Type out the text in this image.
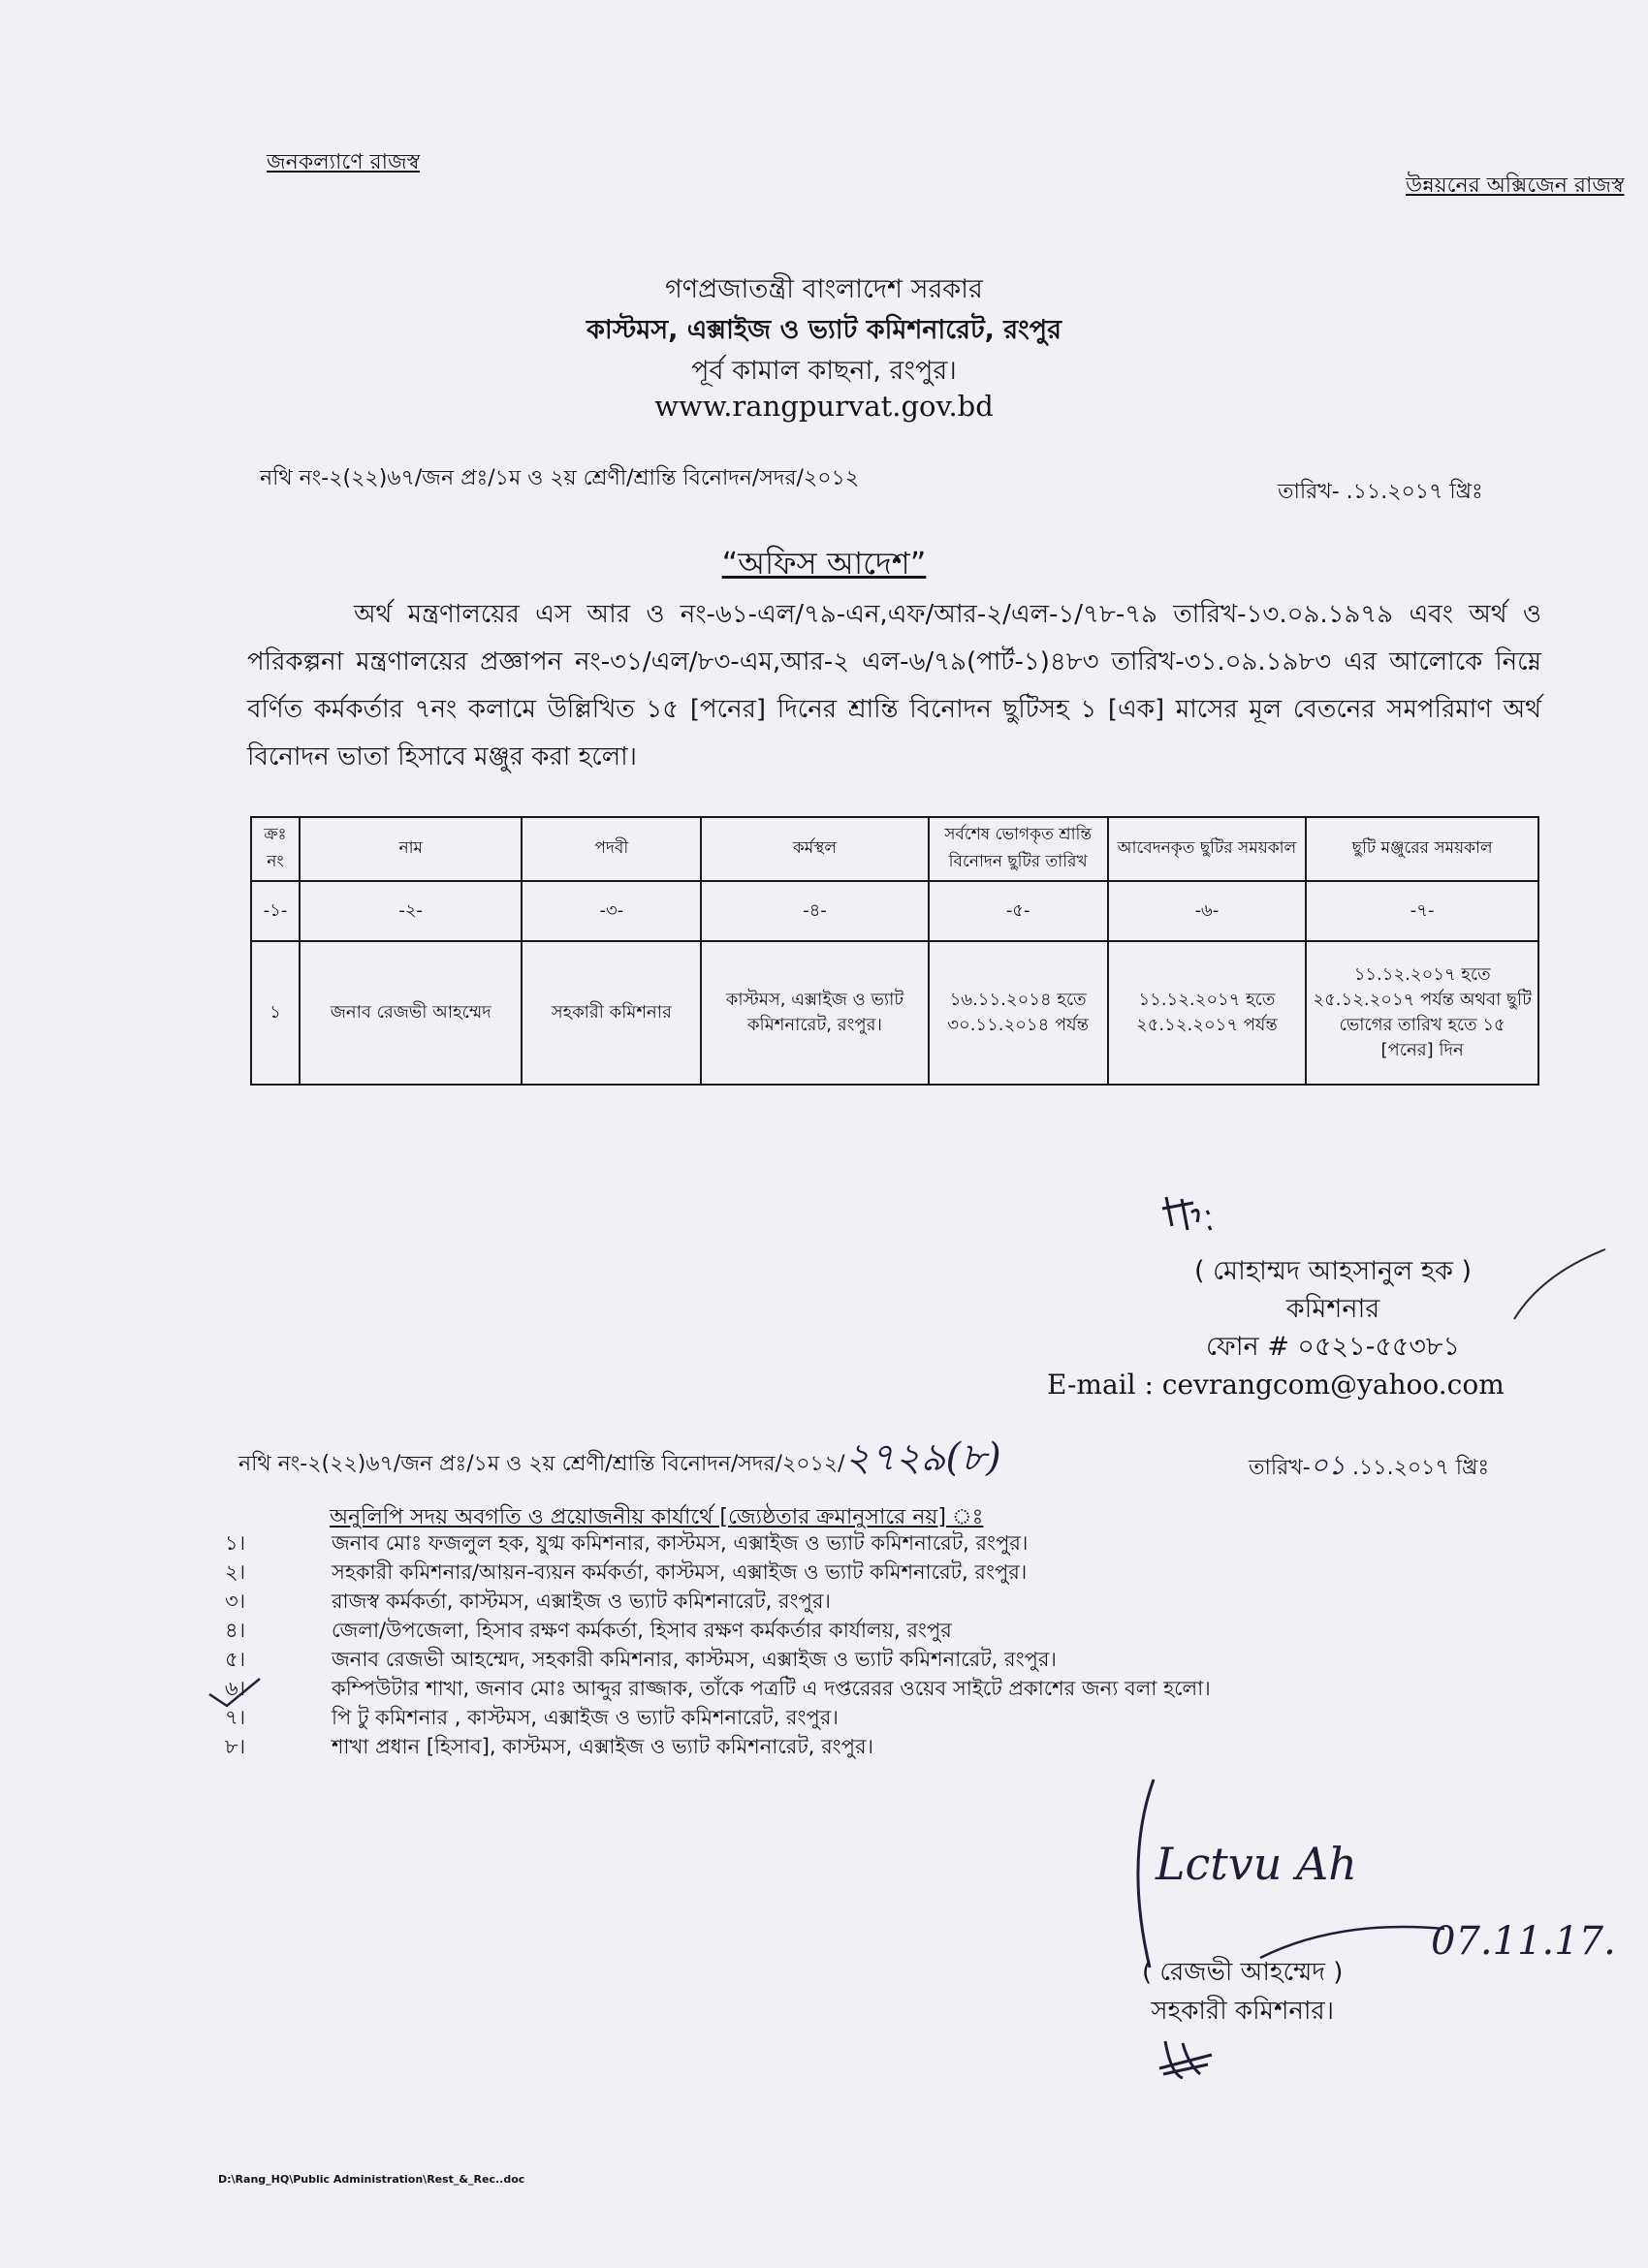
জনকল্যাণে রাজস্ব
উন্নয়নের অক্সিজেন রাজস্ব
গণপ্রজাতন্ত্রী বাংলাদেশ সরকার
কাস্টমস, এক্সাইজ ও ভ্যাট কমিশনারেট, রংপুর
পূর্ব কামাল কাছনা, রংপুর।
www.rangpurvat.gov.bd
নথি নং-২(২২)৬৭/জন প্রঃ/১ম ও ২য় শ্রেণী/শ্রান্তি বিনোদন/সদর/২০১২
তারিখ- .১১.২০১৭ খ্রিঃ
“অফিস আদেশ”
অর্থ মন্ত্রণালয়ের এস আর ও নং-৬১-এল/৭৯-এন,এফ/আর-২/এল-১/৭৮-৭৯ তারিখ-১৩.০৯.১৯৭৯ এবং অর্থ ও পরিকল্পনা মন্ত্রণালয়ের প্রজ্ঞাপন নং-৩১/এল/৮৩-এম,আর-২ এল-৬/৭৯(পার্ট-১)৪৮৩ তারিখ-৩১.০৯.১৯৮৩ এর আলোকে নিম্নে বর্ণিত কর্মকর্তার ৭নং কলামে উল্লিখিত ১৫ [পনের] দিনের শ্রান্তি বিনোদন ছুটিসহ ১ [এক] মাসের মূল বেতনের সমপরিমাণ অর্থ বিনোদন ভাতা হিসাবে মঞ্জুর করা হলো।
ক্রঃ নং	নাম	পদবী	কর্মস্থল	সর্বশেষ ভোগকৃত শ্রান্তি বিনোদন ছুটির তারিখ	আবেদনকৃত ছুটির সময়কাল	ছুটি মঞ্জুরের সময়কাল
-১-	-২-	-৩-	-৪-	-৫-	-৬-	-৭-
১	জনাব রেজভী আহম্মেদ	সহকারী কমিশনার	কাস্টমস, এক্সাইজ ও ভ্যাট কমিশনারেট, রংপুর।	১৬.১১.২০১৪ হতে ৩০.১১.২০১৪ পর্যন্ত	১১.১২.২০১৭ হতে ২৫.১২.২০১৭ পর্যন্ত	১১.১২.২০১৭ হতে ২৫.১২.২০১৭ পর্যন্ত অথবা ছুটি ভোগের তারিখ হতে ১৫ [পনের] দিন
( মোহাম্মদ আহসানুল হক )
কমিশনার
ফোন # ০৫২১-৫৫৩৮১
E-mail : cevrangcom@yahoo.com
নথি নং-২(২২)৬৭/জন প্রঃ/১ম ও ২য় শ্রেণী/শ্রান্তি বিনোদন/সদর/২০১২/২৭২৯(৮)	তারিখ-০১ .১১.২০১৭ খ্রিঃ
অনুলিপি সদয় অবগতি ও প্রয়োজনীয় কার্যার্থে [জ্যেষ্ঠতার ক্রমানুসারে নয়] ঃ
১।	জনাব মোঃ ফজলুল হক, যুগ্ম কমিশনার, কাস্টমস, এক্সাইজ ও ভ্যাট কমিশনারেট, রংপুর।
২।	সহকারী কমিশনার/আয়ন-ব্যয়ন কর্মকর্তা, কাস্টমস, এক্সাইজ ও ভ্যাট কমিশনারেট, রংপুর।
৩।	রাজস্ব কর্মকর্তা, কাস্টমস, এক্সাইজ ও ভ্যাট কমিশনারেট, রংপুর।
৪।	জেলা/উপজেলা, হিসাব রক্ষণ কর্মকর্তা, হিসাব রক্ষণ কর্মকর্তার কার্যালয়, রংপুর
৫।	জনাব রেজভী আহম্মেদ, সহকারী কমিশনার, কাস্টমস, এক্সাইজ ও ভ্যাট কমিশনারেট, রংপুর।
৬।	কম্পিউটার শাখা, জনাব মোঃ আব্দুর রাজ্জাক, তাঁকে পত্রটি এ দপ্তরেরর ওয়েব সাইটে প্রকাশের জন্য বলা হলো।
৭।	পি টু কমিশনার , কাস্টমস, এক্সাইজ ও ভ্যাট কমিশনারেট, রংপুর।
৮।	শাখা প্রধান [হিসাব], কাস্টমস, এক্সাইজ ও ভ্যাট কমিশনারেট, রংপুর।
Lctvu Ah
07.11.17.
( রেজভী আহম্মেদ )
সহকারী কমিশনার।
D:\Rang_HQ\Public Administration\Rest_&_Rec..doc
